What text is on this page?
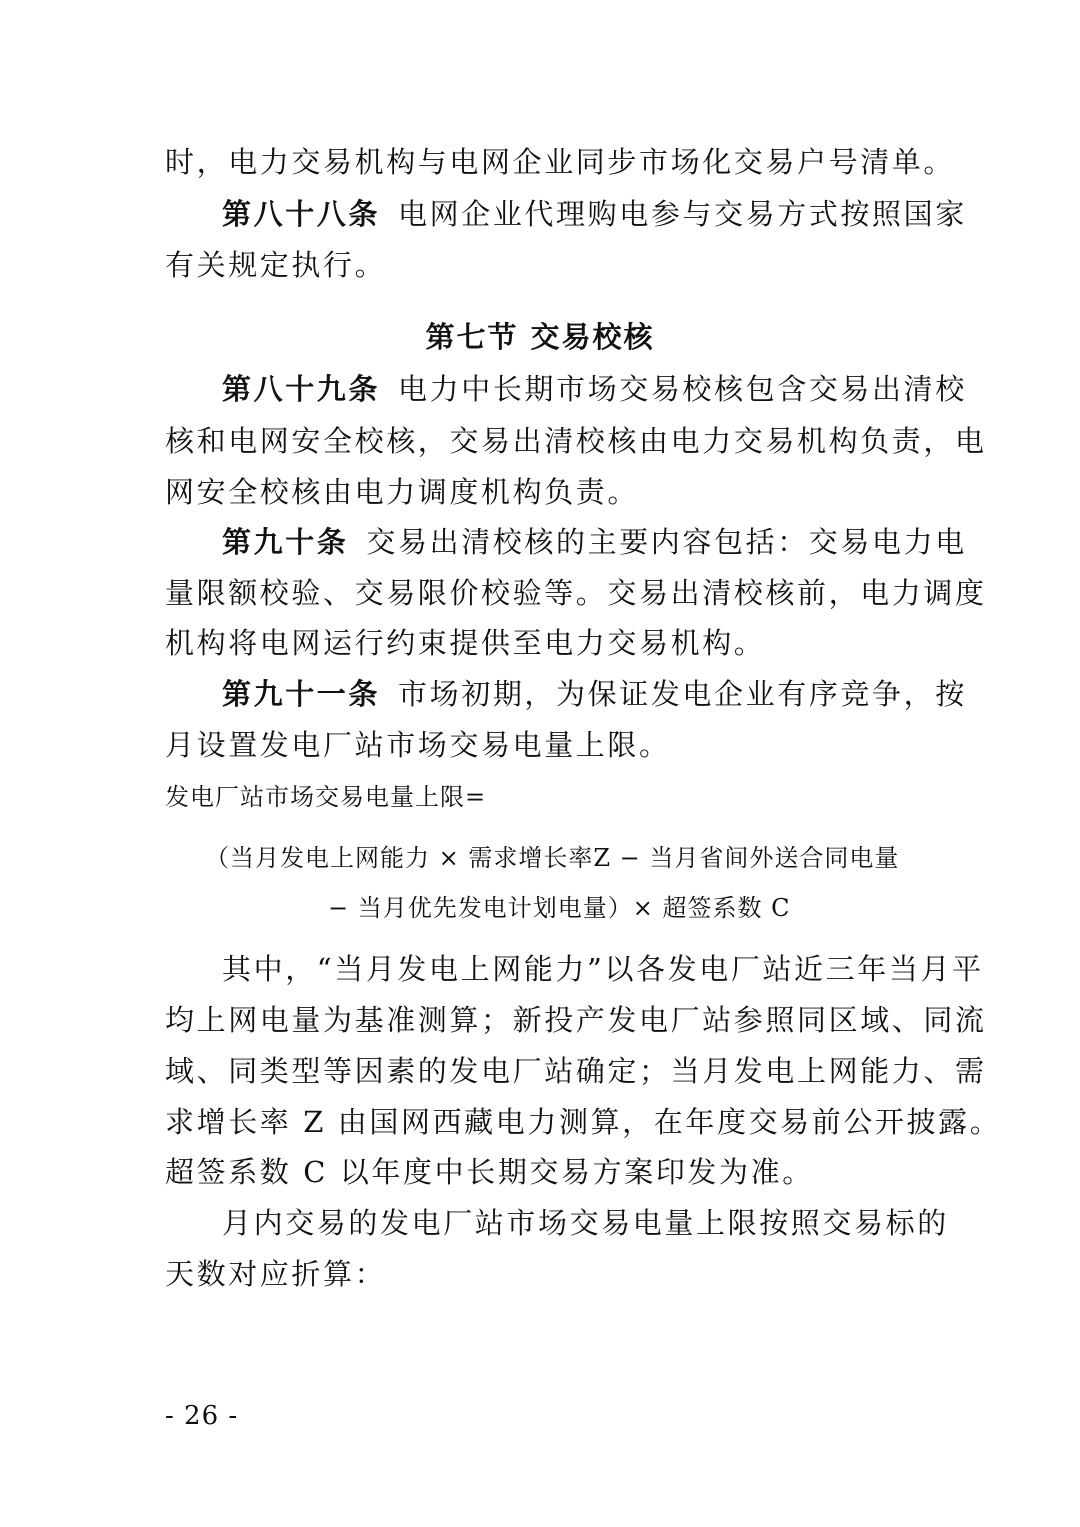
时，电力交易机构与电网企业同步市场化交易户号清单。
第八十八条 电网企业代理购电参与交易方式按照国家
有关规定执行。
第七节 交易校核
第八十九条 电力中长期市场交易校核包含交易出清校
核和电网安全校核，交易出清校核由电力交易机构负责，电
网安全校核由电力调度机构负责。
第九十条 交易出清校核的主要内容包括：交易电力电
量限额校验、交易限价校验等。交易出清校核前，电力调度
机构将电网运行约束提供至电力交易机构。
第九十一条 市场初期，为保证发电企业有序竞争，按
月设置发电厂站市场交易电量上限。
发电厂站市场交易电量上限=
（当月发电上网能力 × 需求增长率Z − 当月省间外送合同电量
− 当月优先发电计划电量）× 超签系数 C
其中，“当月发电上网能力”以各发电厂站近三年当月平
均上网电量为基准测算；新投产发电厂站参照同区域、同流
域、同类型等因素的发电厂站确定；当月发电上网能力、需
求增长率 Z 由国网西藏电力测算，在年度交易前公开披露。
超签系数 C 以年度中长期交易方案印发为准。
月内交易的发电厂站市场交易电量上限按照交易标的
天数对应折算：
- 26 -
